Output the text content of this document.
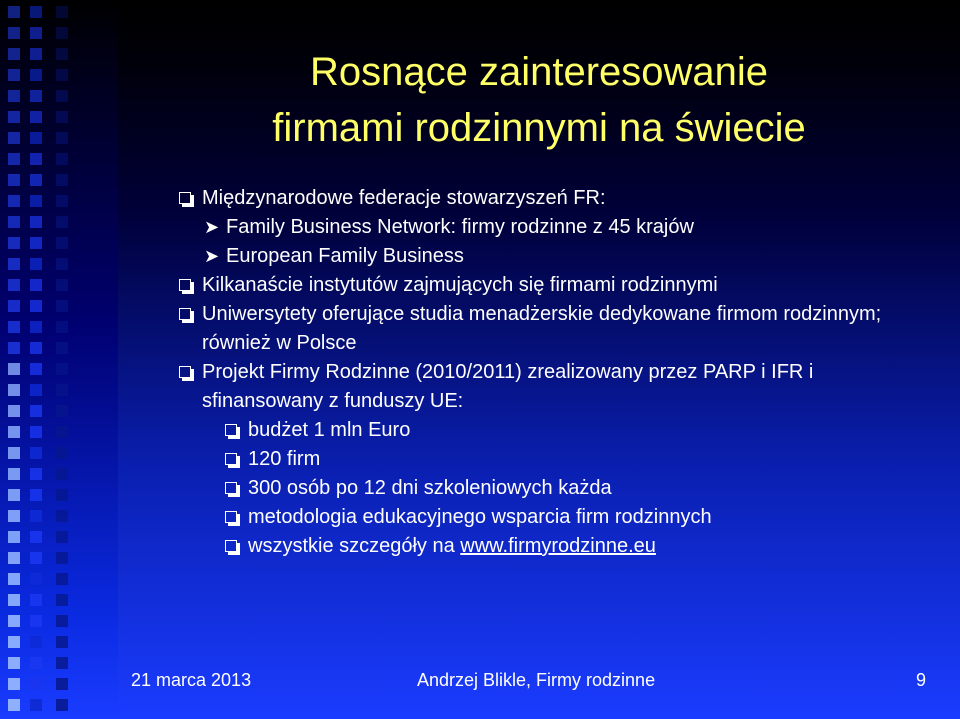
Rosnące zainteresowanie
firmami rodzinnymi na świecie
Międzynarodowe federacje stowarzyszeń FR:
➤ Family Business Network: firmy rodzinne z 45 krajów
➤ European Family Business
Kilkanaście instytutów zajmujących się firmami rodzinnymi
Uniwersytety oferujące studia menadżerskie dedykowane firmom rodzinnym; również w Polsce
Projekt Firmy Rodzinne (2010/2011) zrealizowany przez PARP i IFR i sfinansowany z funduszy UE:
budżet 1 mln Euro
120 firm
300 osób po 12 dni szkoleniowych każda
metodologia edukacyjnego wsparcia firm rodzinnych
wszystkie szczegóły na www.firmyrodzinne.eu
21 marca 2013	Andrzej Blikle, Firmy rodzinne	9
